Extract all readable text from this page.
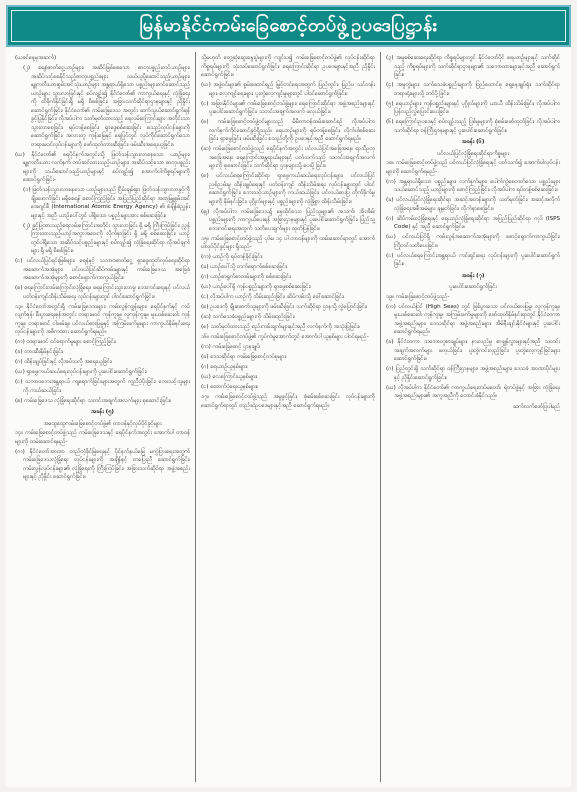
မြန်မာနိုင်ငံကမ်းခြေစောင့်တပ်ဖွဲ့ဥပဒေပြဋ္ဌာန်း
(ယခင်နေ့မှအဆက်)
(၂) ရေနံဓာတ်ငွေ့ယာဉ်များ၊ အဆိပ်ဖြစ်စေသော ဓာတုပစ္စည်းတင်ယာဉ်များ၊ အဆိပ်သင့်စေနိုင်သည့်ဓာတုပစ္စည်းများ သယ်ယူပို့ဆောင်သည့်ယာဉ်များ၊ နျူကလီးယားစွမ်းအင်သုံးယာဉ်များ အန္တရာယ်ရှိသော ပစ္စည်းများတင်ဆောင်သည့် ယာဉ်များ သွားလာခြင်းနှင့် စပ်လျဉ်း၍ နိုင်ငံတော်၏ ကာကွယ်ရေးနှင့် လုံခြုံရေးကို ထိခိုက်နိုင်ခြင်းရှိ မရှိ စိစစ်ခြင်း၊ အခြားသက်ဆိုင်ရာဌာနများနှင့် ညှိနှိုင်းဆောင်ရွက်ခြင်း၊ နိုင်ငံတော်၏ ကမ်းခြေဒေသ အတွင်း ဆက်သွယ်ဆောင်ရွက်ရန် ခွင့်ပြုနိုင်ခြင်း၊ လိုအပ်ပါက သတ်မှတ်ထားသည့် ရေလမ်းကြောင်းများ အတိုင်းသာ သွားလာစေခြင်း၊ ရပ်တန့်စေခြင်း၊ ရှာဖွေစစ်ဆေးခြင်း စသည့်လုပ်ငန်းများကို ဆောင်ရွက်ခြင်း၊ အလားတူ ကုန်းမြေနှင့် ရေပြင်တွင် လုပ်ကိုင်ဆောင်ရွက်သော တရားမဝင်လုပ်ငန်းများကို ဖော်ထုတ်တားဆီးခြင်း၊ ဖမ်းဆီးအရေးယူခြင်း။
(ဃ) နိုင်ငံတော်၏ ရေပိုင်နက်အတွင်းသို့ ဖြတ်သန်းသွားလာနေသော ယာဉ်များ၊ နျူကလီးယား လက်နက် တပ်ဆင်ထားသည့်ယာဉ်များ၊ အဆိပ်သင့်သော ဓာတုပစ္စည်းများကို သယ်ဆောင်သည့်ယာဉ်များနှင့် စပ်လျဉ်း၍ အောက်ပါကိစ္စရပ်များကို ဆောင်ရွက်ခြင်း-
(၁) ဖြတ်သန်းသွားလာနေသော ယာဉ်များသည် ငြိမ်းချမ်းစွာ ဖြတ်သန်းသွားလာခွင့်ကို ချိုးဖောက်ခြင်း မရှိစေရန် စောင့်ကြည့်ခြင်း၊ အပြည်ပြည်ဆိုင်ရာ အဏုမြူစွမ်းအင် အေဂျင်စီ (International Atomic Energy Agency) ၏ စံချိန်စံညွှန်းများနှင့် အညီ ယာဉ်ပေါ်တွင် ပါရှိသော ပစ္စည်းများအား စစ်ဆေးခြင်း။
(၂) ခွင့်ပြုထားသည့်ရေလမ်းကြောင်းအတိုင်း သွားလာခြင်း ရှိ မရှိ ကြီးကြပ်ခြင်း၊ ညွှန်ကြားထားသည့်ယာဉ်အကွာအဝေးကို လိုက်နာခြင်း ရှိ မရှိ စစ်ဆေးခြင်း၊ ယာဉ်တွင်ပါရှိသော အဆိပ်သင့်ပစ္စည်းများနှင့် စပ်လျဉ်း၍ လုံခြုံရေးဆိုင်ရာ လိုအပ်ချက်များ ရှိ မရှိ စိစစ်ခြင်း။
(င) ပင်လယ်ပြင်ရင်းမြစ်များ၊ ရေနံနှင့် သဘာဝဓာတ်ငွေ့ ရှာဖွေထုတ်လုပ်ရေးဆိုင်ရာ အဆောက်အအုံများ၊ ပင်လယ်ပြင်ဆိပ်ကမ်းများနှင့် ကမ်းခြေဒေသ အခြေခံအဆောက်အအုံများကို စောင့်ရှောက်ကာကွယ်ခြင်း။
(စ) ရေကြောင်းလမ်းကြောင်းလုံခြုံရေး၊ ရေကြောင်းသွားလာမှု ဘေးကင်းရေးနှင့် ပင်လယ်ပတ်ဝန်းကျင်ထိန်းသိမ်းရေး လုပ်ငန်းများတွင် ပါဝင်ဆောင်ရွက်ခြင်း။
၁၃။ နိုင်ငံတော်အတွင်းရှိ ကမ်းခြေဒေသများ၊ ကမ်းလွန်ကျွန်းများ၊ ရေပိုင်နက်နှင့် ကပ်လျက်ဇုန်၊ စီးပွားရေးဇုန်အတွင်း တရားမဝင် ကုန်ကူးမှု၊ လူကုန်ကူးမှု၊ မူးယစ်ဆေးဝါး ကုန်ကူးမှု၊ တရားမဝင် ငါးဖမ်းမှု၊ ပင်လယ်ဓားပြမှုနှင့် အကြမ်းဖက်မှုများ ကာကွယ်နှိမ်နင်းရေးလုပ်ငန်းများကို အဓိကထား ဆောင်ရွက်ရမည်။
(က) တရားမဝင် ဝင်ရောက်မှုများ စောင့်ကြည့်ခြင်း၊
(ခ) တားဆီးနှိမ်နင်းခြင်း၊
(ဂ) ထိန်းချုပ်ခြင်းနှင့် လိုအပ်သလို အရေးယူခြင်း၊
(ဃ) ရှာဖွေကယ်ဆယ်ရေးလုပ်ငန်းများကို ပူးပေါင်းဆောင်ရွက်ခြင်း၊
(င) သဘာဝဘေးအန္တရာယ် ကျရောက်ခြင်းများအတွက် ကူညီပံ့ပိုးခြင်း၊ ဘေးသင့်သူများကို ကယ်ဆယ်ခြင်း၊
(စ) ကမ်းခြေဒေသ လုံခြုံရေးဆိုင်ရာ သတင်းအချက်အလက်များ စုဆောင်းခြင်း။
အခန်း (၅)
အထွေထွေကမ်းခြေစောင့်တပ်ဖွဲ့၏ တာဝန်နှင့်လုပ်ပိုင်ခွင့်များ
၁၄။ ကမ်းခြေစောင့်တပ်ဖွဲ့သည် ကမ်းခြေဒေသနှင့် ရေပိုင်နက်အတွင်း အောက်ပါ တာဝန်များကို ထမ်းဆောင်ရမည်-
(က) နိုင်ငံတော်အာဏာ တည်တံ့ခိုင်မြဲရေးနှင့် ပိုင်နက်နယ်မြေ မကွဲပြားရေးအတွက် ကမ်းခြေဒေသလုံခြုံရေး လုပ်ငန်းများကို အချိန်နှင့် တပြေးညီ ဆောင်ရွက်ခြင်း၊ ကမ်းလွန်လုပ်ငန်းများ၏ လုံခြုံရေးကို ကြီးကြပ်ခြင်း၊ အခြားသက်ဆိုင်ရာ အဖွဲ့အစည်းများနှင့် ညှိနှိုင်း ဆောင်ရွက်ခြင်း။
သို့မဟုတ် တွေ့ဆုံဆွေးနွေးပွဲများကို ကျင်းပ၍ ကမ်းခြေစောင့်တပ်ဖွဲ့၏ လုပ်ငန်းဆိုင်ရာ ကိစ္စရပ်များကို သုံးသပ်ဆောင်ရွက်ခြင်း၊ ရေကြောင်းဆိုင်ရာ ဥပဒေများနှင့်အညီ ညှိနှိုင်းဆောင်ရွက်ခြင်း။
(ဃ) အဖွဲ့ဝင်များ၏ စွမ်းဆောင်ရည် မြှင့်တင်ရေးအတွက် ပြည်တွင်း၊ ပြည်ပ သင်တန်းများ၊ လေ့ကျင့်ရေးများ၊ ပူးတွဲလေ့ကျင့်မှုများတွင် ပါဝင်ဆောင်ရွက်ခြင်း။
(င) အခြားနိုင်ငံများ၏ ကမ်းခြေစောင့်တပ်ဖွဲ့များ၊ ရေကြောင်းဆိုင်ရာ အဖွဲ့အစည်းများနှင့် ပူးပေါင်းဆောင်ရွက်ခြင်း၊ သတင်းအချက်အလက် ဖလှယ်ခြင်း။
(စ) ကမ်းခြေစောင့်တပ်ဖွဲ့ဝင်များသည် မိမိတာဝန်ထမ်းဆောင်စဉ် လိုအပ်ပါက လက်နက်ကိုင်ဆောင်ခွင့်ရှိသည်။ ရေယာဉ်များကို ရပ်တန့်စေခြင်း၊ လိုက်ပါစစ်ဆေးခြင်း၊ ရှာဖွေခြင်း၊ ဖမ်းဆီးခြင်း စသည်တို့ကို ဥပဒေနှင့်အညီ ဆောင်ရွက်ရမည်။
(ဆ) ကမ်းခြေစောင့်တပ်ဖွဲ့သည် ရေပိုင်နက်အတွင်း ပင်လယ်ပြင်အခြေအနေ၊ ရာသီဥတုအခြေအနေ၊ ရေကြောင်းအန္တရာယ်များနှင့် ပတ်သက်သည့် သတင်းအချက်အလက်များကို စုဆောင်းခြင်း၊ သက်ဆိုင်ရာ ဌာနများသို့ ပေးပို့ခြင်း။
(ဇ) ပင်လယ်ရေကြောင်းဆိုင်ရာ ရှာဖွေကယ်ဆယ်ရေးလုပ်ငန်းများ၊ ပင်လယ်ပြင် ညစ်ညမ်းမှု ထိန်းချုပ်ရေးနှင့် ပတ်ဝန်းကျင် ထိန်းသိမ်းရေး လုပ်ငန်းများတွင် ပါဝင်ဆောင်ရွက်ခြင်း၊ ဘေးသင့်ယာဉ်များကို ကယ်ဆယ်ခြင်း၊ ပင်လယ်ဓားပြ တိုက်ခိုက်မှုများကို နှိမ်နင်းခြင်း၊ ပုဂ္ဂိုလ်များနှင့် ပစ္စည်းများကို လုံခြုံစွာ ထိန်းသိမ်းခြင်း။
(ဈ) လိုအပ်ပါက ကမ်းခြေဒေသ၌ နေထိုင်သော ပြည်သူများ၏ အသက်၊ အိုးအိမ်၊ ပစ္စည်းများကို ကာကွယ်ပေးရန် အခြားဌာနများနှင့် ပူးပေါင်းဆောင်ရွက်ခြင်း၊ ပြည်သူ့ဘေးကင်းရေးအတွက် သတိပေးချက်များ ထုတ်ပြန်ခြင်း။
၁၅။ ကမ်းခြေစောင့်တပ်ဖွဲ့သည် ပုဒ်မ ၁၄ ပါ တာဝန်များကို ထမ်းဆောင်ရာတွင် အောက်ပါလုပ်ပိုင်ခွင့်များ ရှိသည်-
(က) ယာဉ်ကို ရပ်တန့်ခိုင်းခြင်း၊
(ခ) ယာဉ်ပေါ်သို့ တက်ရောက်စစ်ဆေးခြင်း၊
(ဂ) ယာဉ်စာရွက်စာတမ်းများကို စစ်ဆေးခြင်း၊
(ဃ) ယာဉ်ပေါ်ရှိ ကုန်ပစ္စည်းများကို ရှာဖွေစစ်ဆေးခြင်း၊
(င) လိုအပ်ပါက ယာဉ်ကို သိမ်းဆည်းခြင်း၊ ဆိပ်ကမ်းသို့ ခေါ်ဆောင်ခြင်း၊
(စ) ဥပဒေကို ချိုးဖောက်သူများကို ဖမ်းဆီးခြင်း၊ သက်ဆိုင်ရာ ဌာနသို့ လွှဲပြောင်းခြင်း၊
(ဆ) သက်သေခံပစ္စည်းများကို သိမ်းဆည်းခြင်း၊
(ဇ) သတ်မှတ်ထားသည့် စည်းကမ်းချက်များနှင့်အညီ လက်နက်ကို အသုံးပြုခြင်း။
၁၆။ ကမ်းခြေစောင့်တပ်ဖွဲ့၏ ကွပ်ကဲမှုအောက်တွင် အောက်ပါ ယူနစ်များ ပါဝင်ရမည်-
(က) ကမ်းခြေစောင့် ဌာနချုပ်၊
(ခ) ဒေသဆိုင်ရာ ကမ်းခြေစောင့်တပ်စုများ၊
(ဂ) ရေယာဉ်ယူနစ်များ၊
(ဃ) လေကြောင်းယူနစ်များ၊
(င) ထောက်ပံ့ရေးယူနစ်များ။
၁၇။ ကမ်းခြေစောင့်တပ်ဖွဲ့သည် အမှုဖွင့်ခြင်း၊ စုံစမ်းစစ်ဆေးခြင်း လုပ်ငန်းများကို ဆောင်ရွက်ရာတွင် တည်ဆဲဥပဒေများနှင့်အညီ ဆောင်ရွက်ရမည်။
(၃) အမှုစစ်ဆေးရေးဆိုင်ရာ ကိစ္စရပ်များတွင် နိုင်ငံတော်ပိုင် ရေယာဉ်များနှင့် သက်ဆိုင်သည့် ကိစ္စရပ်များကို သက်ဆိုင်ရာဌာနများ၏ သဘောထားများနှင့်အညီ ဆောင်ရွက်ခြင်း။
(၄) အမှုတွဲများ၊ သက်သေခံပစ္စည်းများကို ပြည်ထောင်စု ရှေ့နေချုပ်ရုံး၊ သက်ဆိုင်ရာ တရားရုံးများသို့ တင်ပို့ခြင်း။
(၅) ရေယာဉ်များ၊ ကုန်ပစ္စည်းများနှင့် ပုဂ္ဂိုလ်များကို ယာယီ ထိန်းသိမ်းခြင်း၊ လိုအပ်ပါက ပြန်လည်လွှဲပြောင်းပေးခြင်း။
(၆) ရေကြောင်းဥပဒေနှင့် စပ်လျဉ်းသည့် ပြစ်မှုများကို စုံစမ်းဖော်ထုတ်ခြင်း၊ လိုအပ်ပါက သက်ဆိုင်ရာ ဝန်ကြီးဌာနများနှင့် ပူးပေါင်းဆောင်ရွက်ခြင်း။
အခန်း (၆)
ပင်လယ်ပြင်လုံခြုံရေးဆိုင်ရာကိစ္စများ
၁၈။ ကမ်းခြေစောင့်တပ်ဖွဲ့သည် ပင်လယ်ပြင်လုံခြုံရေးနှင့် ပတ်သက်၍ အောက်ပါလုပ်ငန်းများကို ဆောင်ရွက်ရမည်-
(က) အန္တရာယ်ရှိသော ပစ္စည်းများ၊ လက်နက်များ၊ ပေါက်ကွဲစေတတ်သော ပစ္စည်းများ သယ်ဆောင်သည့် ယာဉ်များကို စောင့်ကြည့်ခြင်း၊ လိုအပ်ပါက ရပ်တန့်စစ်ဆေးခြင်း။
(ခ) ပင်လယ်ပြင်လုံခြုံရေးဆိုင်ရာ အဆင့်အတန်းများကို သတ်မှတ်ခြင်း၊ အဆင့်အလိုက် လုံခြုံရေးအစီအမံများ ချမှတ်ခြင်း၊ လိုက်နာစေခြင်း။
(ဂ) ဆိပ်ကမ်းလုံခြုံရေးနှင့် ရေယာဉ်လုံခြုံရေးဆိုင်ရာ အပြည်ပြည်ဆိုင်ရာ ကုဒ် (ISPS Code) နှင့် အညီ ဆောင်ရွက်ခြင်း။
(ဃ) ပင်လယ်ပြင်ရှိ ကမ်းလွန်အဆောက်အအုံများကို စောင့်ရှောက်ကာကွယ်ခြင်း၊ ကြိုတင်သတိပေးခြင်း။
(င) ပင်လယ်ရေကြောင်းအန္တရာယ် ကင်းရှင်းရေး လုပ်ငန်းများကို ပူးပေါင်းဆောင်ရွက်ခြင်း။
အခန်း (၇)
ပူးပေါင်းဆောင်ရွက်ခြင်း
၁၉။ ကမ်းခြေစောင့်တပ်ဖွဲ့သည်-
(က) ပင်လယ်ပြင် (High Seas) တွင် ဖြစ်ပွားသော ပင်လယ်ဓားပြမှု၊ လူကုန်ကူးမှု၊ မူးယစ်ဆေးဝါး ကုန်ကူးမှု၊ အကြမ်းဖက်မှုများကို ဖော်ထုတ်နှိမ်နင်းရာတွင် နိုင်ငံတကာ အဖွဲ့အစည်းများ၊ ဒေသဆိုင်ရာ အဖွဲ့အစည်းများ၊ အိမ်နီးချင်းနိုင်ငံများနှင့် ပူးပေါင်းဆောင်ရွက်ရမည်။
(ခ) နိုင်ငံတကာ သဘောတူစာချုပ်များ၊ နားလည်မှု စာချွန်လွှာများနှင့်အညီ သတင်းအချက်အလက်များ ဖလှယ်ခြင်း၊ ပူးတွဲကင်းလှည့်ခြင်း၊ ပူးတွဲလေ့ကျင့်ခြင်းများ ဆောင်ရွက်ခြင်း။
(ဂ) ပြည်တွင်းရှိ သက်ဆိုင်ရာ ဝန်ကြီးဌာနများ၊ အဖွဲ့အစည်းများ၊ ဒေသခံ အာဏာပိုင်များနှင့် ညှိနှိုင်းဆောင်ရွက်ခြင်း။
(ဃ) လိုအပ်ပါက နိုင်ငံတော်၏ ကာကွယ်ရေးတပ်မတော်၊ ရဲတပ်ဖွဲ့နှင့် အခြား လုံခြုံရေးအဖွဲ့အစည်းများ၏ အကူအညီကို တောင်းခံနိုင်သည်။
ဆက်လက်ဖော်ပြပါမည်
